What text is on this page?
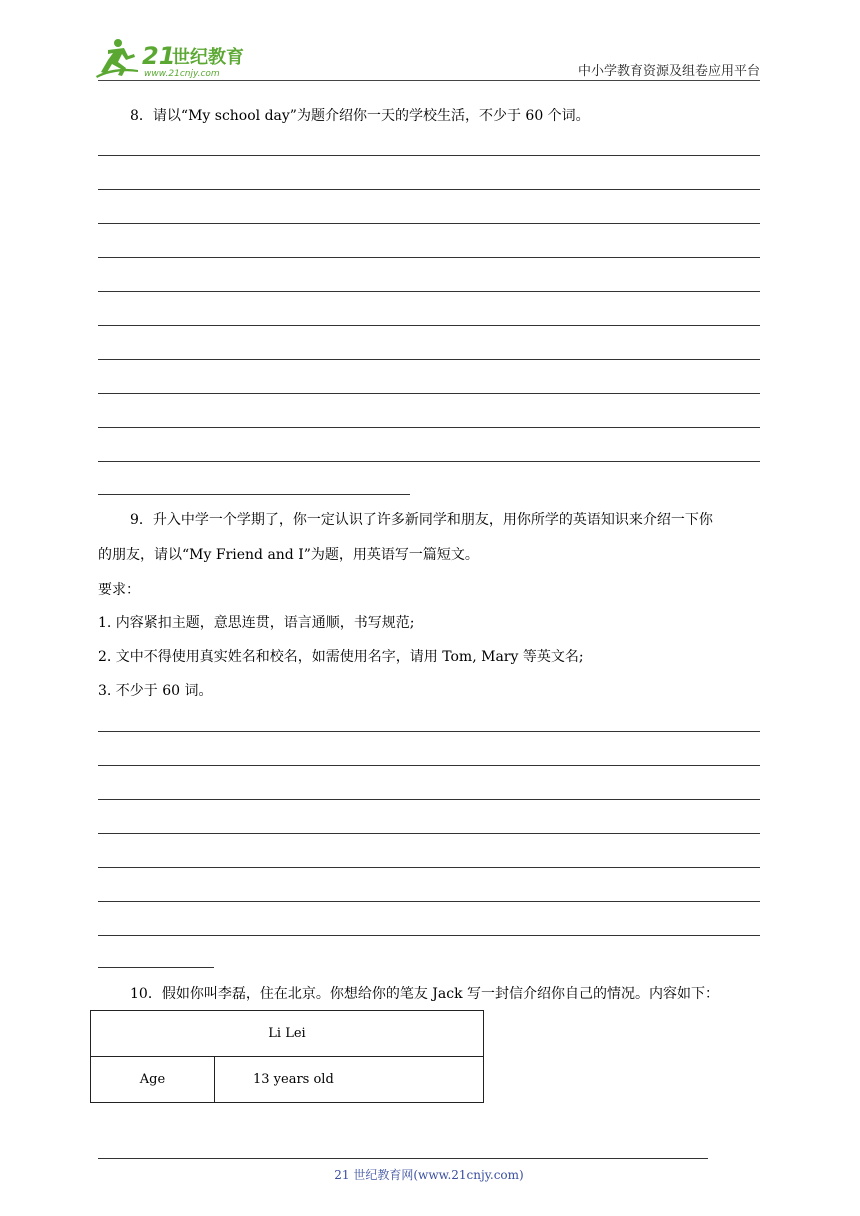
21
世纪教育
www.21cnjy.com	中小学教育资源及组卷应用平台
8．请以“My school day”为题介绍你一天的学校生活，不少于 60 个词。
9．升入中学一个学期了，你一定认识了许多新同学和朋友，用你所学的英语知识来介绍一下你
的朋友，请以“My Friend and I”为题，用英语写一篇短文。
要求：
1. 内容紧扣主题，意思连贯，语言通顺，书写规范;
2. 文中不得使用真实姓名和校名，如需使用名字，请用 Tom, Mary 等英文名;
3. 不少于 60 词。
10．假如你叫李磊，住在北京。你想给你的笔友 Jack 写一封信介绍你自己的情况。内容如下：
Li Lei
Age	13 years old
21 世纪教育网(www.21cnjy.com)
